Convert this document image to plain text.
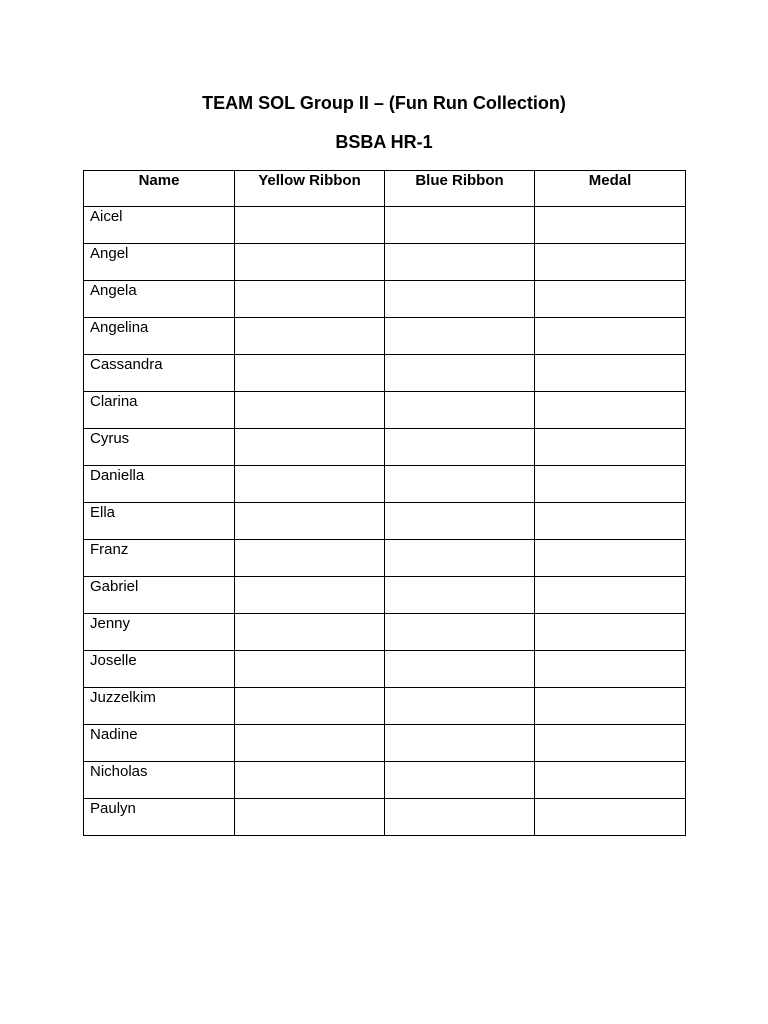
TEAM SOL Group II – (Fun Run Collection)
BSBA HR-1
Name	Yellow Ribbon	Blue Ribbon	Medal
Aicel			
Angel			
Angela			
Angelina			
Cassandra			
Clarina			
Cyrus			
Daniella			
Ella			
Franz			
Gabriel			
Jenny			
Joselle			
Juzzelkim			
Nadine			
Nicholas			
Paulyn			
